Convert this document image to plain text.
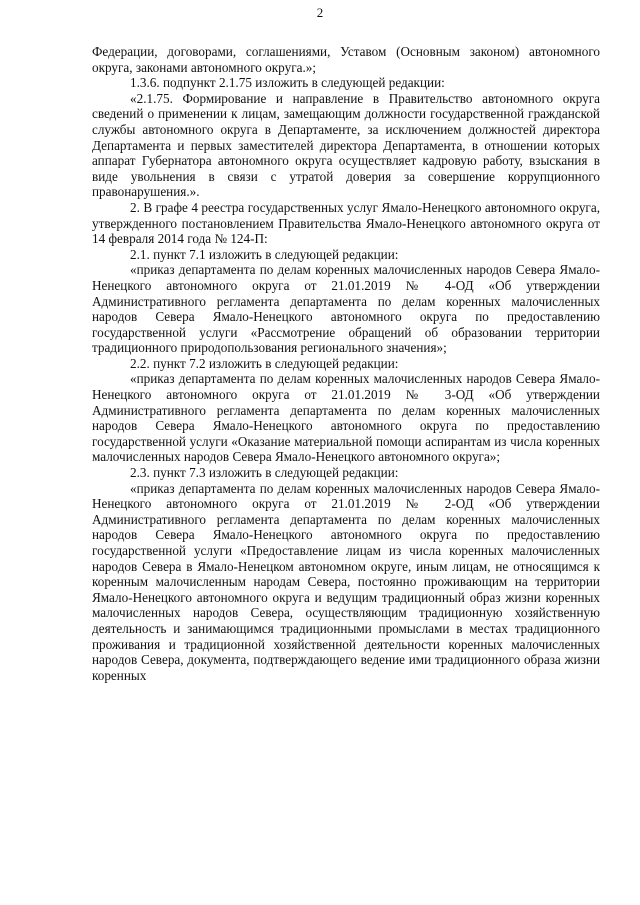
2

Федерации, договорами, соглашениями, Уставом (Основным законом) автономного округа, законами автономного округа.»;

1.3.6. подпункт 2.1.75 изложить в следующей редакции:

«2.1.75. Формирование и направление в Правительство автономного округа сведений о применении к лицам, замещающим должности государственной гражданской службы автономного округа в Департаменте, за исключением должностей директора Департамента и первых заместителей директора Департамента, в отношении которых аппарат Губернатора автономного округа осуществляет кадровую работу, взыскания в виде увольнения в связи с утратой доверия за совершение коррупционного правонарушения.».

2. В графе 4 реестра государственных услуг Ямало-Ненецкого автономного округа, утвержденного постановлением Правительства Ямало-Ненецкого автономного округа от 14 февраля 2014 года № 124-П:

2.1. пункт 7.1 изложить в следующей редакции:

«приказ департамента по делам коренных малочисленных народов Севера Ямало-Ненецкого автономного округа от 21.01.2019 № 4-ОД «Об утверждении Административного регламента департамента по делам коренных малочисленных народов Севера Ямало-Ненецкого автономного округа по предоставлению государственной услуги «Рассмотрение обращений об образовании территории традиционного природопользования регионального значения»;

2.2. пункт 7.2 изложить в следующей редакции:

«приказ департамента по делам коренных малочисленных народов Севера Ямало-Ненецкого автономного округа от 21.01.2019 № 3-ОД «Об утверждении Административного регламента департамента по делам коренных малочисленных народов Севера Ямало-Ненецкого автономного округа по предоставлению государственной услуги «Оказание материальной помощи аспирантам из числа коренных малочисленных народов Севера Ямало-Ненецкого автономного округа»;

2.3. пункт 7.3 изложить в следующей редакции:

«приказ департамента по делам коренных малочисленных народов Севера Ямало-Ненецкого автономного округа от 21.01.2019 № 2-ОД «Об утверждении Административного регламента департамента по делам коренных малочисленных народов Севера Ямало-Ненецкого автономного округа по предоставлению государственной услуги «Предоставление лицам из числа коренных малочисленных народов Севера в Ямало-Ненецком автономном округе, иным лицам, не относящимся к коренным малочисленным народам Севера, постоянно проживающим на территории Ямало-Ненецкого автономного округа и ведущим традиционный образ жизни коренных малочисленных народов Севера, осуществляющим традиционную хозяйственную деятельность и занимающимся традиционными промыслами в местах традиционного проживания и традиционной хозяйственной деятельности коренных малочисленных народов Севера, документа, подтверждающего ведение ими традиционного образа жизни коренных
